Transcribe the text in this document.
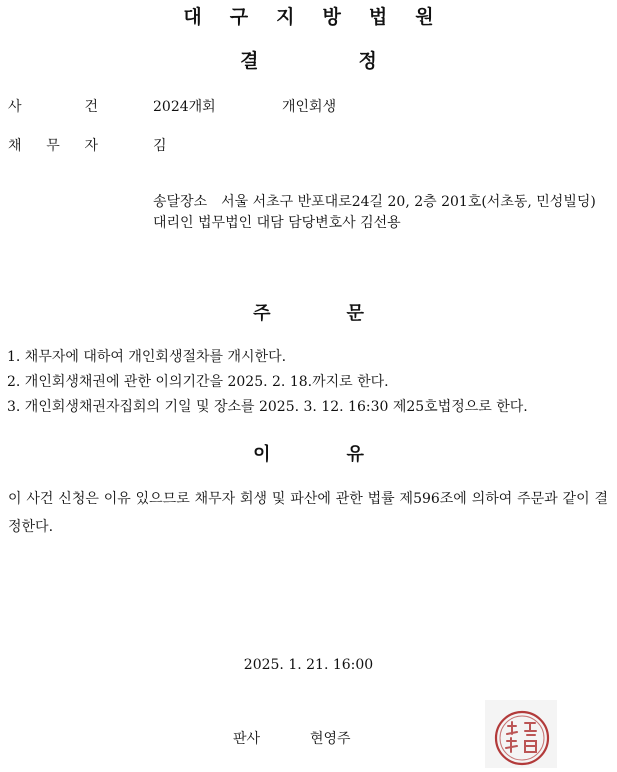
대 구 지 방 법 원
결	정
사	건	2024개회	개인회생
채 무 자	김
송달장소 서울 서초구 반포대로24길 20, 2층 201호(서초동, 민성빌딩)
대리인 법무법인 대담 담당변호사 김선용
주	문
1. 채무자에 대하여 개인회생절차를 개시한다.
2. 개인회생채권에 관한 이의기간을 2025. 2. 18.까지로 한다.
3. 개인회생채권자집회의 기일 및 장소를 2025. 3. 12. 16:30 제25호법정으로 한다.
이	유
이 사건 신청은 이유 있으므로 채무자 회생 및 파산에 관한 법률 제596조에 의하여 주문과 같이 결정한다.
2025. 1. 21. 16:00
판사	현영주
